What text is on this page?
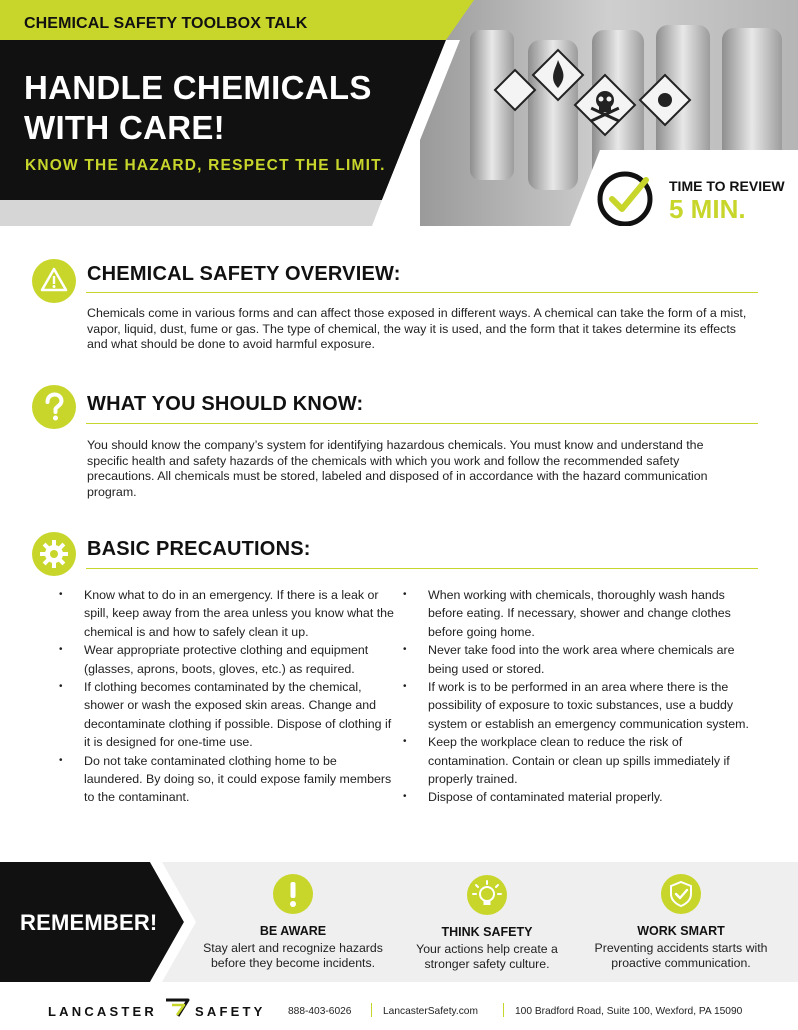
CHEMICAL SAFETY TOOLBOX TALK
HANDLE CHEMICALS WITH CARE!
KNOW THE HAZARD, RESPECT THE LIMIT.
TIME TO REVIEW
5 MIN.
CHEMICAL SAFETY OVERVIEW:
Chemicals come in various forms and can affect those exposed in different ways. A chemical can take the form of a mist, vapor, liquid, dust, fume or gas. The type of chemical, the way it is used, and the form that it takes determine its effects and what should be done to avoid harmful exposure.
WHAT YOU SHOULD KNOW:
You should know the company’s system for identifying hazardous chemicals. You must know and understand the specific health and safety hazards of the chemicals with which you work and follow the recommended safety precautions. All chemicals must be stored, labeled and disposed of in accordance with the hazard communication program.
BASIC PRECAUTIONS:
• Know what to do in an emergency. If there is a leak or spill, keep away from the area unless you know what the chemical is and how to safely clean it up.
• Wear appropriate protective clothing and equipment (glasses, aprons, boots, gloves, etc.) as required.
• If clothing becomes contaminated by the chemical, shower or wash the exposed skin areas. Change and decontaminate clothing if possible. Dispose of clothing if it is designed for one-time use.
• Do not take contaminated clothing home to be laundered. By doing so, it could expose family members to the contaminant.
• When working with chemicals, thoroughly wash hands before eating. If necessary, shower and change clothes before going home.
• Never take food into the work area where chemicals are being used or stored.
• If work is to be performed in an area where there is the possibility of exposure to toxic substances, use a buddy system or establish an emergency communication system.
• Keep the workplace clean to reduce the risk of contamination. Contain or clean up spills immediately if properly trained.
• Dispose of contaminated material properly.
REMEMBER!	BE AWARE
Stay alert and recognize hazards before they become incidents.
THINK SAFETY
Your actions help create a stronger safety culture.
WORK SMART
Preventing accidents starts with proactive communication.
LANCASTER	SAFETY 888-403-6026	LancasterSafety.com	100 Bradford Road, Suite 100, Wexford, PA 15090
